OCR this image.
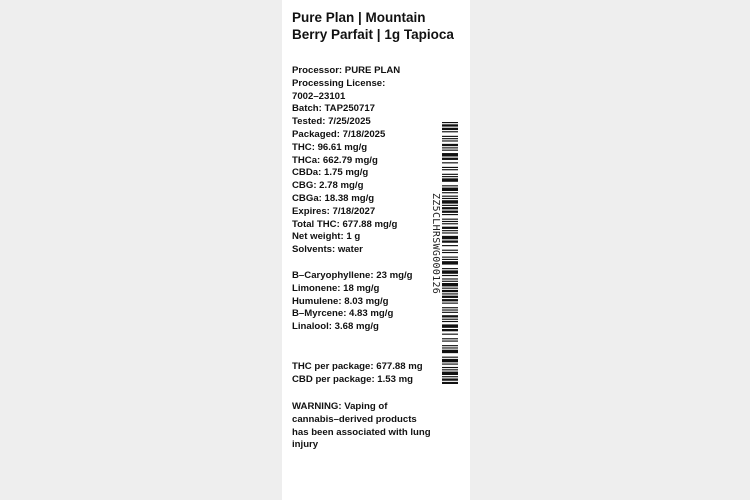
Pure Plan | Mountain
Berry Parfait | 1g Tapioca
Processor: PURE PLAN
Processing License:
7002–23101
Batch: TAP250717
Tested: 7/25/2025
Packaged: 7/18/2025
THC: 96.61 mg/g
THCa: 662.79 mg/g
CBDa: 1.75 mg/g
CBG: 2.78 mg/g
CBGa: 18.38 mg/g
Expires: 7/18/2027
Total THC: 677.88 mg/g
Net weight: 1 g
Solvents: water
B–Caryophyllene: 23 mg/g
Limonene: 18 mg/g
Humulene: 8.03 mg/g
B–Myrcene: 4.83 mg/g
Linalool: 3.68 mg/g
THC per package: 677.88 mg
CBD per package: 1.53 mg
WARNING: Vaping of
cannabis–derived products
has been associated with lung
injury
ZZ5CLHRSWG000126
